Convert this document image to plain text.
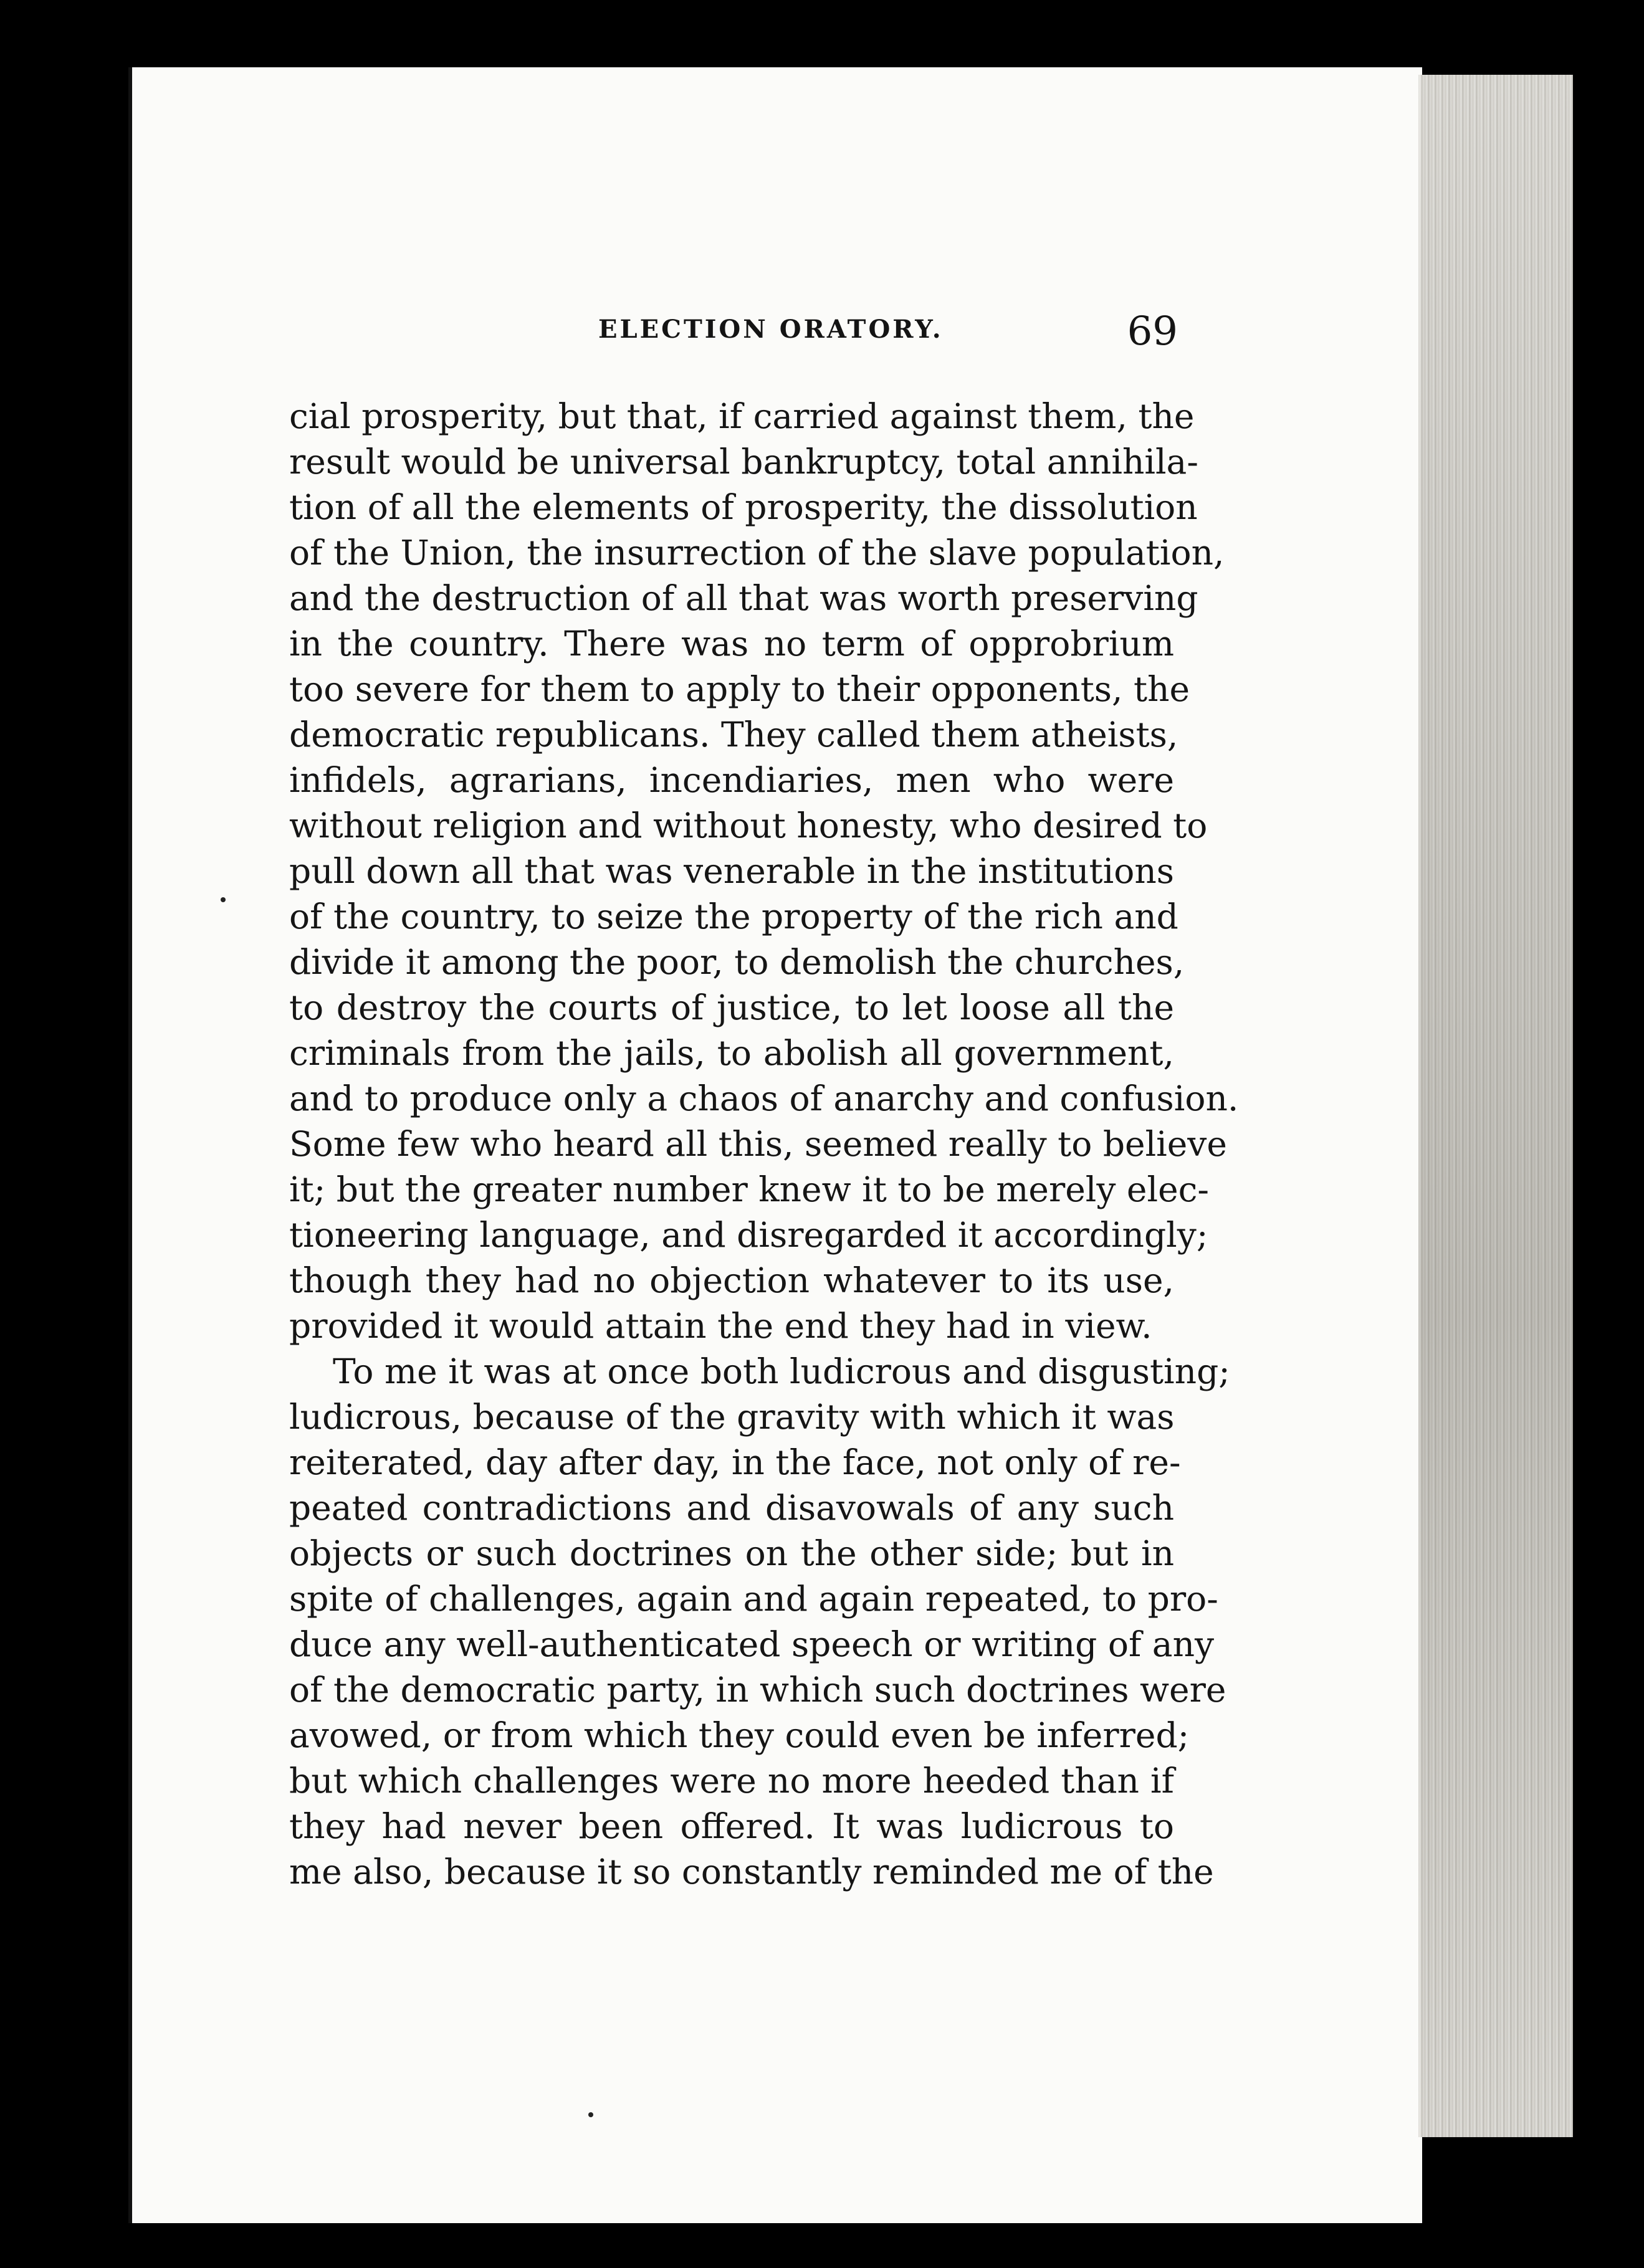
ELECTION ORATORY.	69
cial prosperity, but that, if carried against them, the
result would be universal bankruptcy, total annihila-
tion of all the elements of prosperity, the dissolution
of the Union, the insurrection of the slave population,
and the destruction of all that was worth preserving
in the country. There was no term of opprobrium
too severe for them to apply to their opponents, the
democratic republicans. They called them atheists,
infidels, agrarians, incendiaries, men who were
without religion and without honesty, who desired to
pull down all that was venerable in the institutions
of the country, to seize the property of the rich and
divide it among the poor, to demolish the churches,
to destroy the courts of justice, to let loose all the
criminals from the jails, to abolish all government,
and to produce only a chaos of anarchy and confusion.
Some few who heard all this, seemed really to believe
it; but the greater number knew it to be merely elec-
tioneering language, and disregarded it accordingly;
though they had no objection whatever to its use,
provided it would attain the end they had in view.
To me it was at once both ludicrous and disgusting;
ludicrous, because of the gravity with which it was
reiterated, day after day, in the face, not only of re-
peated contradictions and disavowals of any such
objects or such doctrines on the other side; but in
spite of challenges, again and again repeated, to pro-
duce any well-authenticated speech or writing of any
of the democratic party, in which such doctrines were
avowed, or from which they could even be inferred;
but which challenges were no more heeded than if
they had never been offered. It was ludicrous to
me also, because it so constantly reminded me of the
